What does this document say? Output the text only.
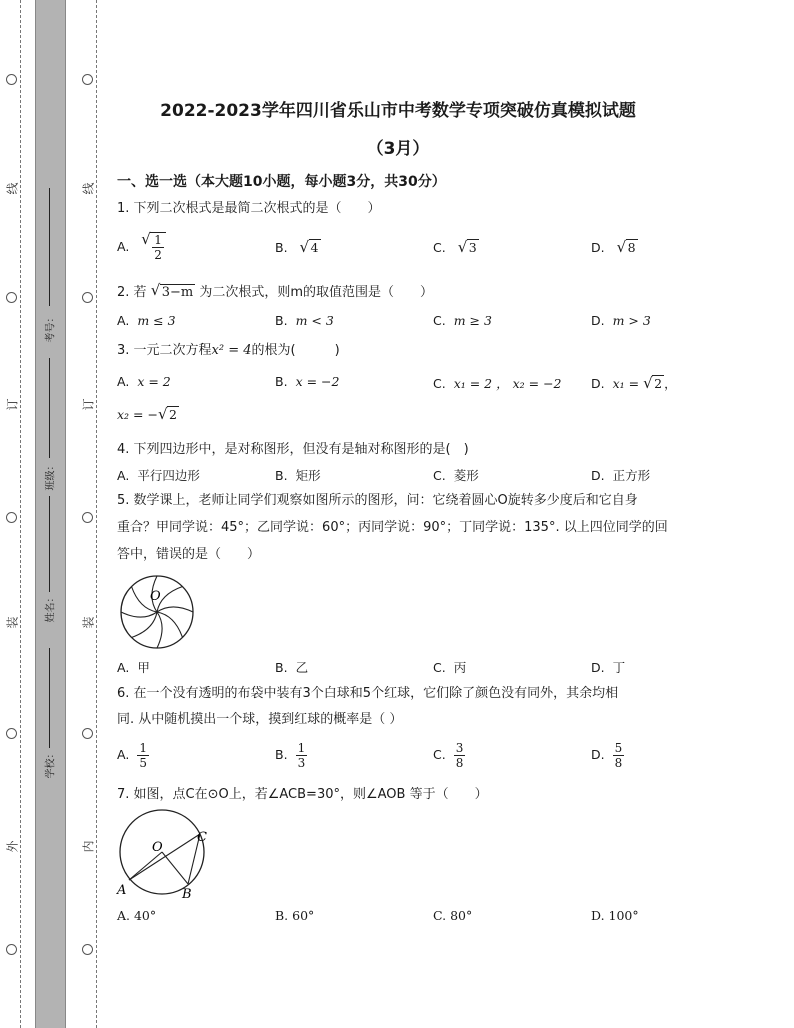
线
订
装
外
线
订
装
内
考号：
班级：
姓名：
学校：
2022-2023学年四川省乐山市中考数学专项突破仿真模拟试题
（3月）
一、选一选（本大题10小题，每小题3分，共30分）
1. 下列二次根式是最简二次根式的是（　　）
A. √ $\frac{1}{2}$	B. √ 4	C. √ 3	D. √ 8
2. 若 √ 3−m 为二次根式，则m的取值范围是（　　）
A. m ≤ 3	B. m < 3	C. m ≥ 3	D. m > 3
3. 一元二次方程x² = 4的根为(　　　)
A. x = 2	B. x = −2	C. x₁ = 2 ， x₂ = −2 D. x₁ = √ 2 ，
x₂ = − √ 2
4. 下列四边形中，是对称图形，但没有是轴对称图形的是(　)
A. 平行四边形	B. 矩形	C. 菱形	D. 正方形
5. 数学课上，老师让同学们观察如图所示的图形，问：它绕着圆心O旋转多少度后和它自身
重合？甲同学说：45°；乙同学说：60°；丙同学说：90°；丁同学说：135°. 以上四位同学的回
答中，错误的是（　　）
O
A. 甲	B. 乙	C. 丙	D. 丁
6. 在一个没有透明的布袋中装有3个白球和5个红球，它们除了颜色没有同外，其余均相
同. 从中随机摸出一个球，摸到红球的概率是（ ）
A. $\frac{1}{5}$	B. $\frac{1}{3}$	C. $\frac{3}{8}$	D. $\frac{5}{8}$
7. 如图，点C在⊙O上，若∠ACB=30°，则∠AOB 等于（　　）
O
A	B
C
A. 40°	B. 60°	C. 80°	D. 100°
